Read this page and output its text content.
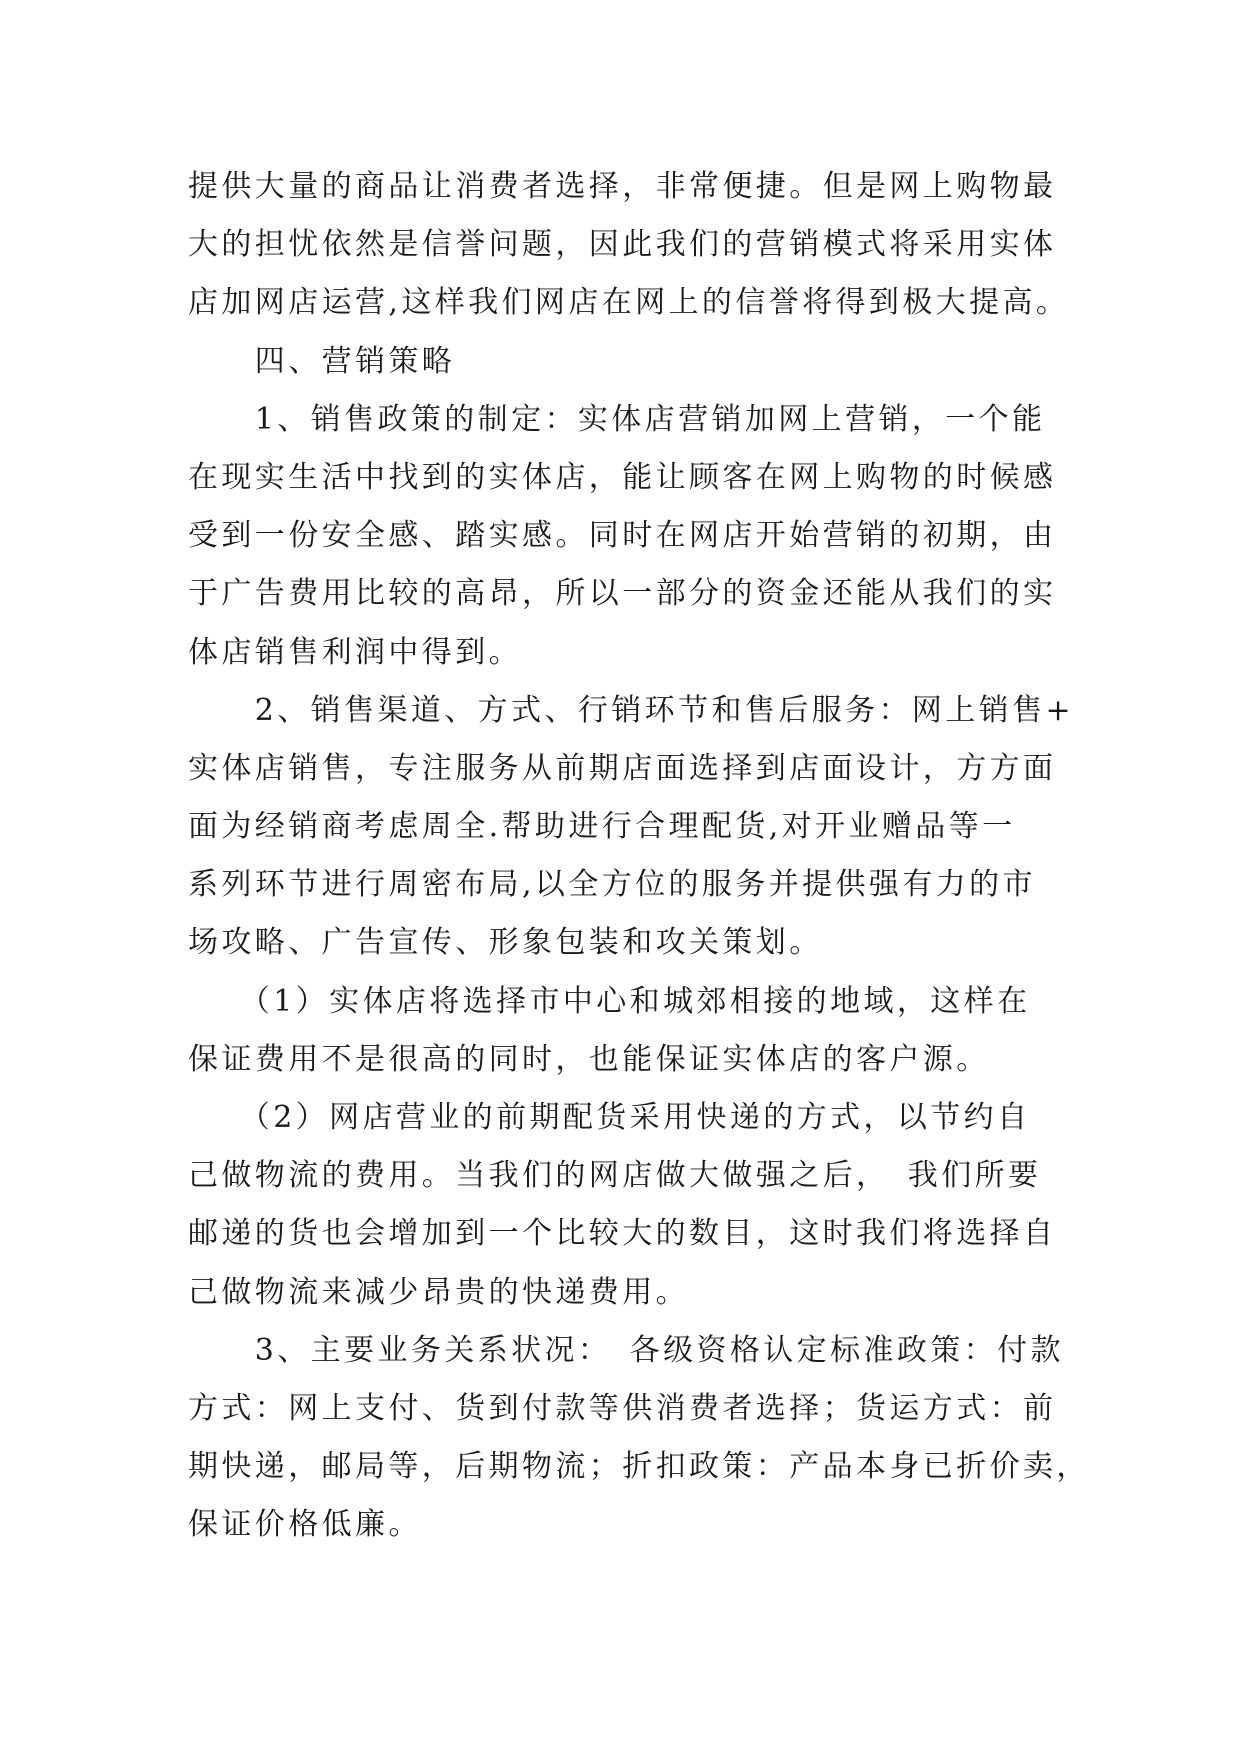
提供大量的商品让消费者选择，非常便捷。但是网上购物最
大的担忧依然是信誉问题，因此我们的营销模式将采用实体
店加网店运营,这样我们网店在网上的信誉将得到极大提高。
　　四、营销策略
　　1、销售政策的制定：实体店营销加网上营销，一个能
在现实生活中找到的实体店，能让顾客在网上购物的时候感
受到一份安全感、踏实感。同时在网店开始营销的初期，由
于广告费用比较的高昂，所以一部分的资金还能从我们的实
体店销售利润中得到。
　　2、销售渠道、方式、行销环节和售后服务：网上销售+
实体店销售，专注服务从前期店面选择到店面设计，方方面
面为经销商考虑周全.帮助进行合理配货,对开业赠品等一
系列环节进行周密布局,以全方位的服务并提供强有力的市
场攻略、广告宣传、形象包装和攻关策划。
　　（1）实体店将选择市中心和城郊相接的地域，这样在
保证费用不是很高的同时，也能保证实体店的客户源。
　　（2）网店营业的前期配货采用快递的方式，以节约自
己做物流的费用。当我们的网店做大做强之后，　我们所要
邮递的货也会增加到一个比较大的数目，这时我们将选择自
己做物流来减少昂贵的快递费用。
　　3、主要业务关系状况：　各级资格认定标准政策：付款
方式：网上支付、货到付款等供消费者选择；货运方式：前
期快递，邮局等，后期物流；折扣政策：产品本身已折价卖，
保证价格低廉。
